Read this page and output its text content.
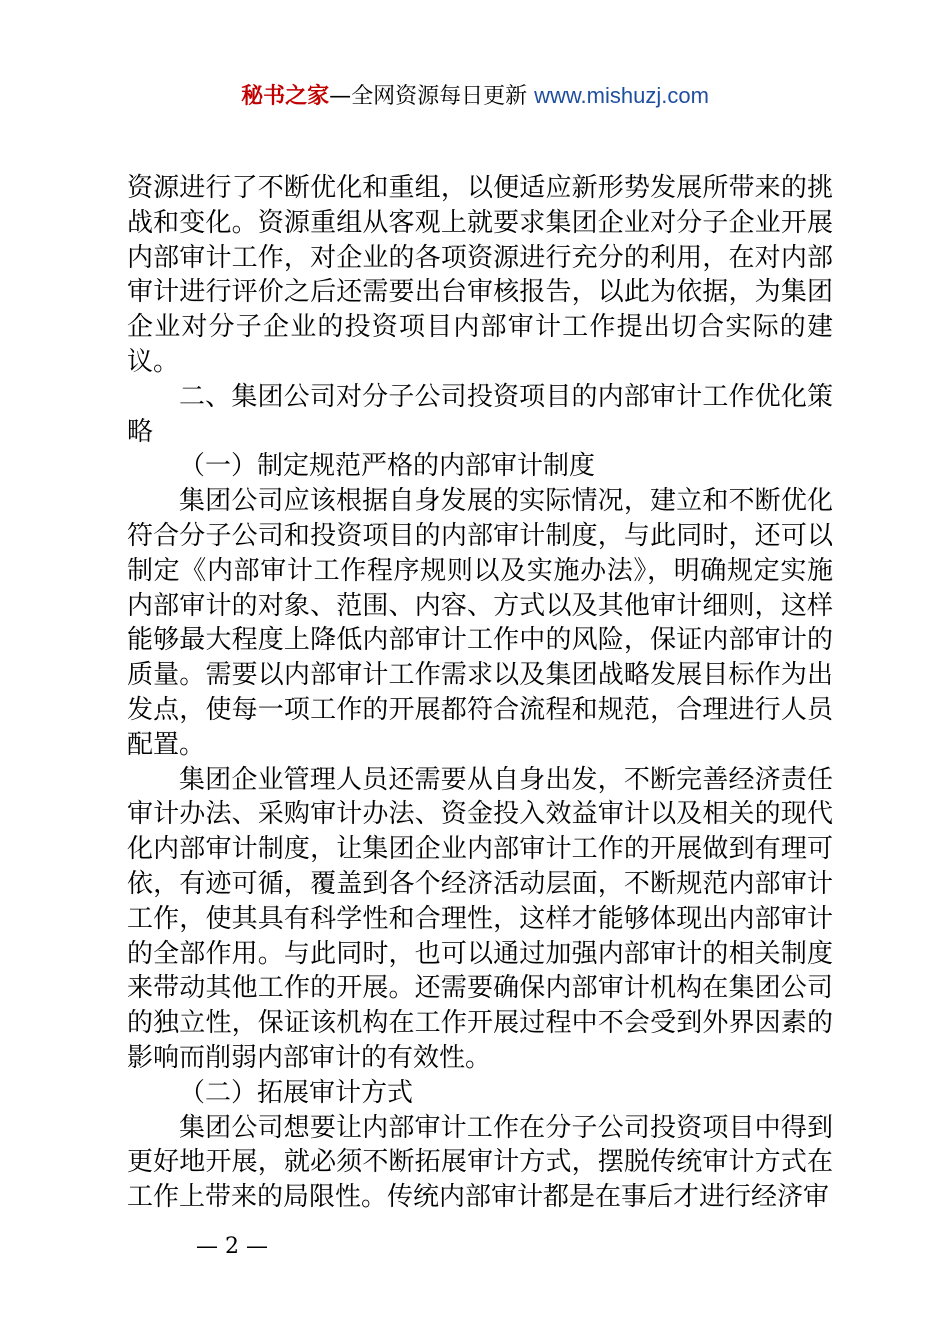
秘书之家—全网资源每日更新 www.mishuzj.com

资源进行了不断优化和重组，以便适应新形势发展所带来的挑战和变化。资源重组从客观上就要求集团企业对分子企业开展内部审计工作，对企业的各项资源进行充分的利用，在对内部审计进行评价之后还需要出台审核报告，以此为依据，为集团企业对分子企业的投资项目内部审计工作提出切合实际的建议。

二、集团公司对分子公司投资项目的内部审计工作优化策略

（一）制定规范严格的内部审计制度

集团公司应该根据自身发展的实际情况，建立和不断优化符合分子公司和投资项目的内部审计制度，与此同时，还可以制定《内部审计工作程序规则以及实施办法》，明确规定实施内部审计的对象、范围、内容、方式以及其他审计细则，这样能够最大程度上降低内部审计工作中的风险，保证内部审计的质量。需要以内部审计工作需求以及集团战略发展目标作为出发点，使每一项工作的开展都符合流程和规范，合理进行人员配置。

集团企业管理人员还需要从自身出发，不断完善经济责任审计办法、采购审计办法、资金投入效益审计以及相关的现代化内部审计制度，让集团企业内部审计工作的开展做到有理可依，有迹可循，覆盖到各个经济活动层面，不断规范内部审计工作，使其具有科学性和合理性，这样才能够体现出内部审计的全部作用。与此同时，也可以通过加强内部审计的相关制度来带动其他工作的开展。还需要确保内部审计机构在集团公司的独立性，保证该机构在工作开展过程中不会受到外界因素的影响而削弱内部审计的有效性。

（二）拓展审计方式

集团公司想要让内部审计工作在分子公司投资项目中得到更好地开展，就必须不断拓展审计方式，摆脱传统审计方式在工作上带来的局限性。传统内部审计都是在事后才进行经济审

— 2 —
